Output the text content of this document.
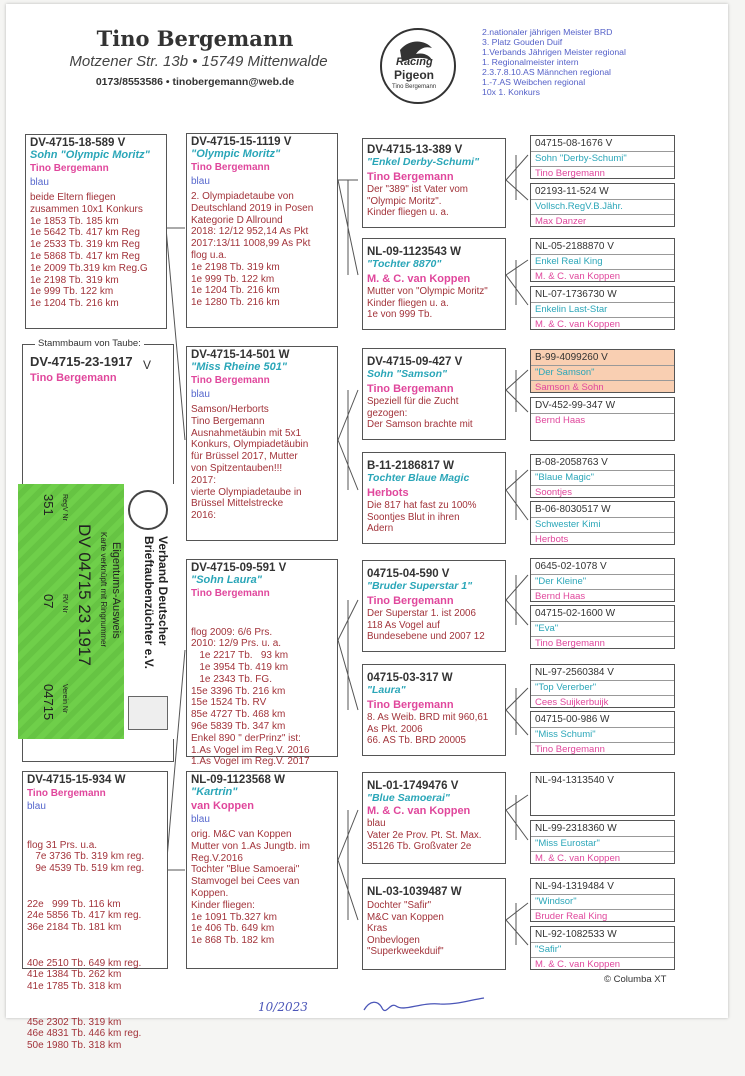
Tino Bergemann
Motzener Str. 13b • 15749 Mittenwalde
0173/8553586 • tinobergemann@web.de
Racing
Pigeon
Tino Bergemann
2.nationaler jährigen Meister BRD
3. Platz Gouden Duif
1.Verbands Jährigen Meister regional
1. Regionalmeister intern
2.3.7.8.10.AS Männchen regional
1.-7.AS Weibchen regional
10x 1. Konkurs
DV-4715-18-589 V
Sohn "Olympic Moritz"
Tino Bergemann
blau
beide Eltern fliegen
zusammen 10x1 Konkurs
1e 1853 Tb. 185 km
1e 5642 Tb. 417 km Reg
1e 2533 Tb. 319 km Reg
1e 5868 Tb. 417 km Reg
1e 2009 Tb.319 km Reg.G
1e 2198 Tb. 319 km
1e 999 Tb. 122 km
1e 1204 Tb. 216 km
Stammbaum von Taube:
DV-4715-23-1917 V
Tino Bergemann
Verband Deutscher
Brieftaubenzüchter e.V.
Eigentums-Ausweis
Karte verknüpft mit Ringnummer
DV 04715 23 1917
RegV Nr
351
RV Nr
07
Verein Nr
04715
DV-4715-15-934 W
Tino Bergemann
blau

flog 31 Prs. u.a.
7e 3736 Tb. 319 km reg.
9e 4539 Tb. 519 km reg.

22e   999 Tb. 116 km
24e 5856 Tb. 417 km reg.
36e 2184 Tb. 181 km

40e 2510 Tb. 649 km reg.
41e 1384 Tb. 262 km
41e 1785 Tb. 318 km

45e 2302 Tb. 319 km
46e 4831 Tb. 446 km reg.
50e 1980 Tb. 318 km

DV-4715-15-1119 V
"Olympic Moritz"
Tino Bergemann
blau
2. Olympiadetaube von
Deutschland 2019 in Posen
Kategorie D Allround
2018: 12/12 952,14 As Pkt
2017:13/11 1008,99 As Pkt
flog u.a.
1e 2198 Tb. 319 km
1e 999 Tb. 122 km
1e 1204 Tb. 216 km
1e 1280 Tb. 216 km
DV-4715-14-501 W
"Miss Rheine 501"
Tino Bergemann
blau
Samson/Herborts
Tino Bergemann
Ausnahmetäubin mit 5x1
Konkurs, Olympiadetäubin
für Brüssel 2017, Mutter
von Spitzentauben!!!
2017:
vierte Olympiadetaube in
Brüssel Mittelstrecke
2016:
DV-4715-09-591 V
"Sohn Laura"
Tino Bergemann

flog 2009: 6/6 Prs.
2010: 12/9 Prs. u. a.
1e 2217 Tb.   93 km
1e 3954 Tb. 419 km
1e 2343 Tb. FG.
15e 3396 Tb. 216 km
15e 1524 Tb. RV
85e 4727 Tb. 468 km
96e 5839 Tb. 347 km
Enkel 890 " derPrinz" ist:
1.As Vogel im Reg.V. 2016
1.As Vogel im Reg.V. 2017

NL-09-1123568 W
"Kartrin"
van Koppen
blau
orig. M&C van Koppen
Mutter von 1.As Jungtb. im
Reg.V.2016
Tochter "Blue Samoerai"
Stamvogel bei Cees van
Koppen.
Kinder fliegen:
1e 1091 Tb.327 km
1e 406 Tb. 649 km
1e 868 Tb. 182 km
DV-4715-13-389 V
"Enkel Derby-Schumi"
Tino Bergemann
Der "389" ist Vater vom
"Olympic Moritz".
Kinder fliegen u. a.
NL-09-1123543 W
"Tochter 8870"
M. & C. van Koppen
Mutter von "Olympic Moritz"
Kinder fliegen u. a.
1e von 999 Tb.
DV-4715-09-427 V
Sohn "Samson"
Tino Bergemann
Speziell für die Zucht
gezogen:
Der Samson brachte mit
B-11-2186817 W
Tochter Blaue Magic
Herbots
Die 817 hat fast zu 100%
Soontjes Blut in ihren
Adern
04715-04-590 V
"Bruder Superstar 1"
Tino Bergemann
Der Superstar 1. ist 2006
118 As Vogel auf
Bundesebene und 2007 12
04715-03-317 W
"Laura"
Tino Bergemann
8. As Weib. BRD mit 960,61
As Pkt. 2006
66. AS Tb. BRD 20005
NL-01-1749476 V
"Blue Samoerai"
M. & C. van Koppen
blau
Vater 2e Prov. Pt. St. Max.
35126 Tb. Großvater 2e
NL-03-1039487 W
Dochter "Safir"
M&C van Koppen
Kras
Onbevlogen
"Superkweekduif"
04715-08-1676 V
Sohn "Derby-Schumi"
Tino Bergemann
02193-11-524 W
Vollsch.RegV.B.Jähr.
Max Danzer
NL-05-2188870 V
Enkel Real King
M. & C. van Koppen
NL-07-1736730 W
Enkelin Last-Star
M. & C. van Koppen
B-99-4099260 V
"Der Samson"
Samson & Sohn
DV-452-99-347 W
Bernd Haas
B-08-2058763 V
"Blaue Magic"
Soontjes
B-06-8030517 W
Schwester Kimi
Herbots
0645-02-1078 V
"Der Kleine"
Bernd Haas
04715-02-1600 W
"Eva"
Tino Bergemann
NL-97-2560384 V
"Top Vererber"
Cees Suijkerbuijk
04715-00-986 W
"Miss Schumi"
Tino Bergemann
NL-94-1313540 V
NL-99-2318360 W
"Miss Eurostar"
M. & C. van Koppen
NL-94-1319484 V
"Windsor"
Bruder Real King
NL-92-1082533 W
"Safir"
M. & C. van Koppen
© Columba XT
10/2023
